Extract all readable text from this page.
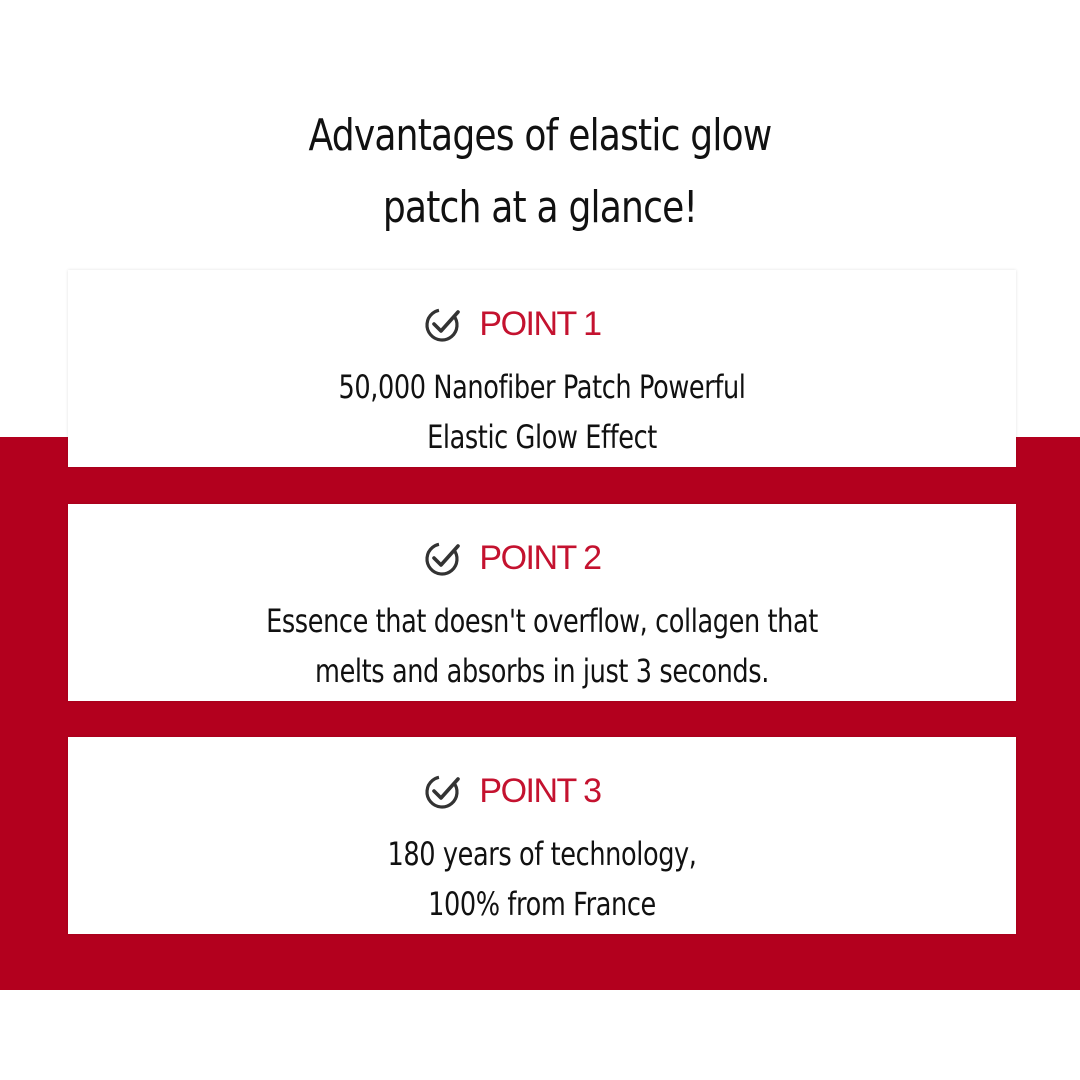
Advantages of elastic glow
patch at a glance!
POINT 1
50,000 Nanofiber Patch Powerful
Elastic Glow Effect
POINT 2
Essence that doesn't overflow, collagen that
melts and absorbs in just 3 seconds.
POINT 3
180 years of technology,
100% from France
